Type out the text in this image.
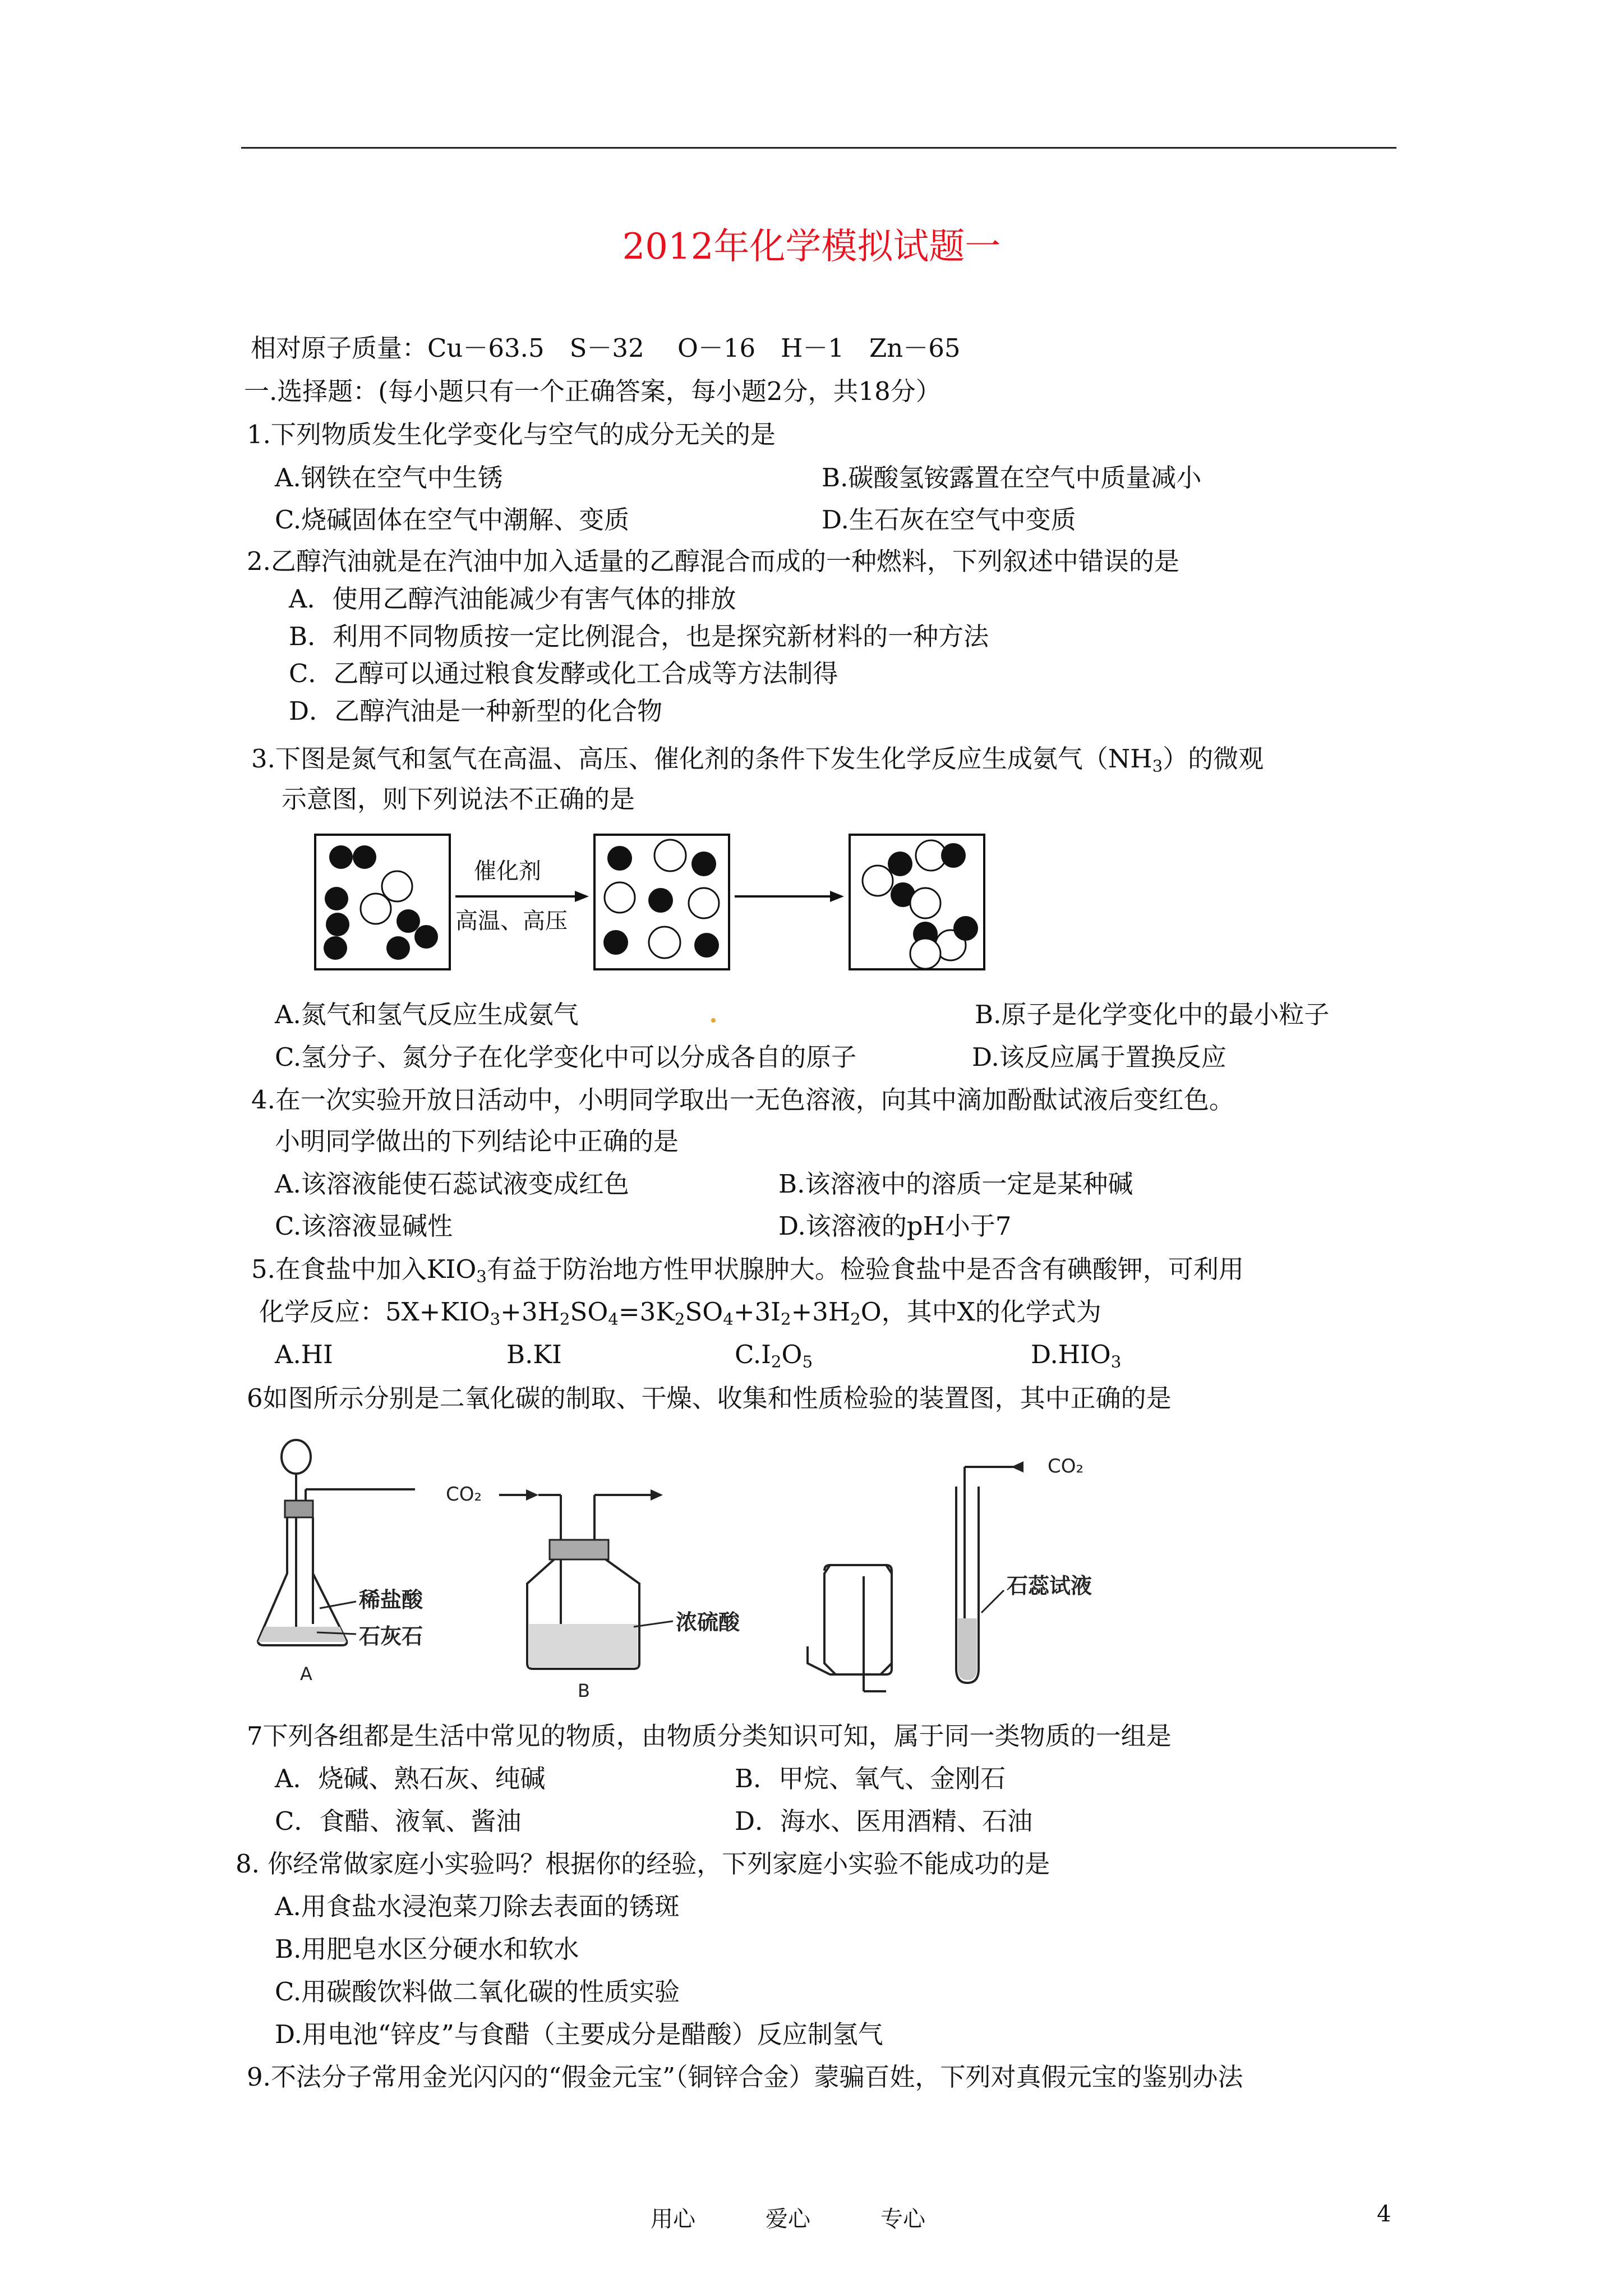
2012年化学模拟试题一
相对原子质量：Cu－63.5　S－32　 O－16　H－1　Zn－65
一.选择题：(每小题只有一个正确答案，每小题2分，共18分）
1.下列物质发生化学变化与空气的成分无关的是
A.钢铁在空气中生锈	B.碳酸氢铵露置在空气中质量减小
C.烧碱固体在空气中潮解、变质	D.生石灰在空气中变质
2.乙醇汽油就是在汽油中加入适量的乙醇混合而成的一种燃料，下列叙述中错误的是
A．使用乙醇汽油能减少有害气体的排放
B．利用不同物质按一定比例混合，也是探究新材料的一种方法
C．乙醇可以通过粮食发酵或化工合成等方法制得
D．乙醇汽油是一种新型的化合物
3.下图是氮气和氢气在高温、高压、催化剂的条件下发生化学反应生成氨气$(NH_3)$的微观
示意图，则下列说法不正确的是
催化剂
高温、高压
A.氮气和氢气反应生成氨气	B.原子是化学变化中的最小粒子
C.氢分子、氮分子在化学变化中可以分成各自的原子	D.该反应属于置换反应
4.在一次实验开放日活动中，小明同学取出一无色溶液，向其中滴加酚酞试液后变红色。
小明同学做出的下列结论中正确的是
A.该溶液能使石蕊试液变成红色	B.该溶液中的溶质一定是某种碱
C.该溶液显碱性	D.该溶液的pH小于7
5.在食盐中加入$KIO_3$有益于防治地方性甲状腺肿大。检验食盐中是否含有碘酸钾，可利用
化学反应：$5X+KIO_3+3H_2SO_4=3K_2SO_4+3I_2+3H_2O$，其中X的化学式为
A.HI	B.KI	$C.I_2O_5$	$D.HIO_3$
6如图所示分别是二氧化碳的制取、干燥、收集和性质检验的装置图，其中正确的是
稀盐酸
石灰石
A
CO₂
浓硫酸
B
CO₂
石蕊试液
7下列各组都是生活中常见的物质，由物质分类知识可知，属于同一类物质的一组是
A．烧碱、熟石灰、纯碱	B．甲烷、氧气、金刚石
C．食醋、液氧、酱油	D．海水、医用酒精、石油
8. 你经常做家庭小实验吗？根据你的经验，下列家庭小实验不能成功的是
A.用食盐水浸泡菜刀除去表面的锈斑
B.用肥皂水区分硬水和软水
C.用碳酸饮料做二氧化碳的性质实验
D.用电池“锌皮”与食醋（主要成分是醋酸）反应制氢气
9.不法分子常用金光闪闪的“假金元宝”（铜锌合金）蒙骗百姓，下列对真假元宝的鉴别办法
用心	爱心	专心	4
